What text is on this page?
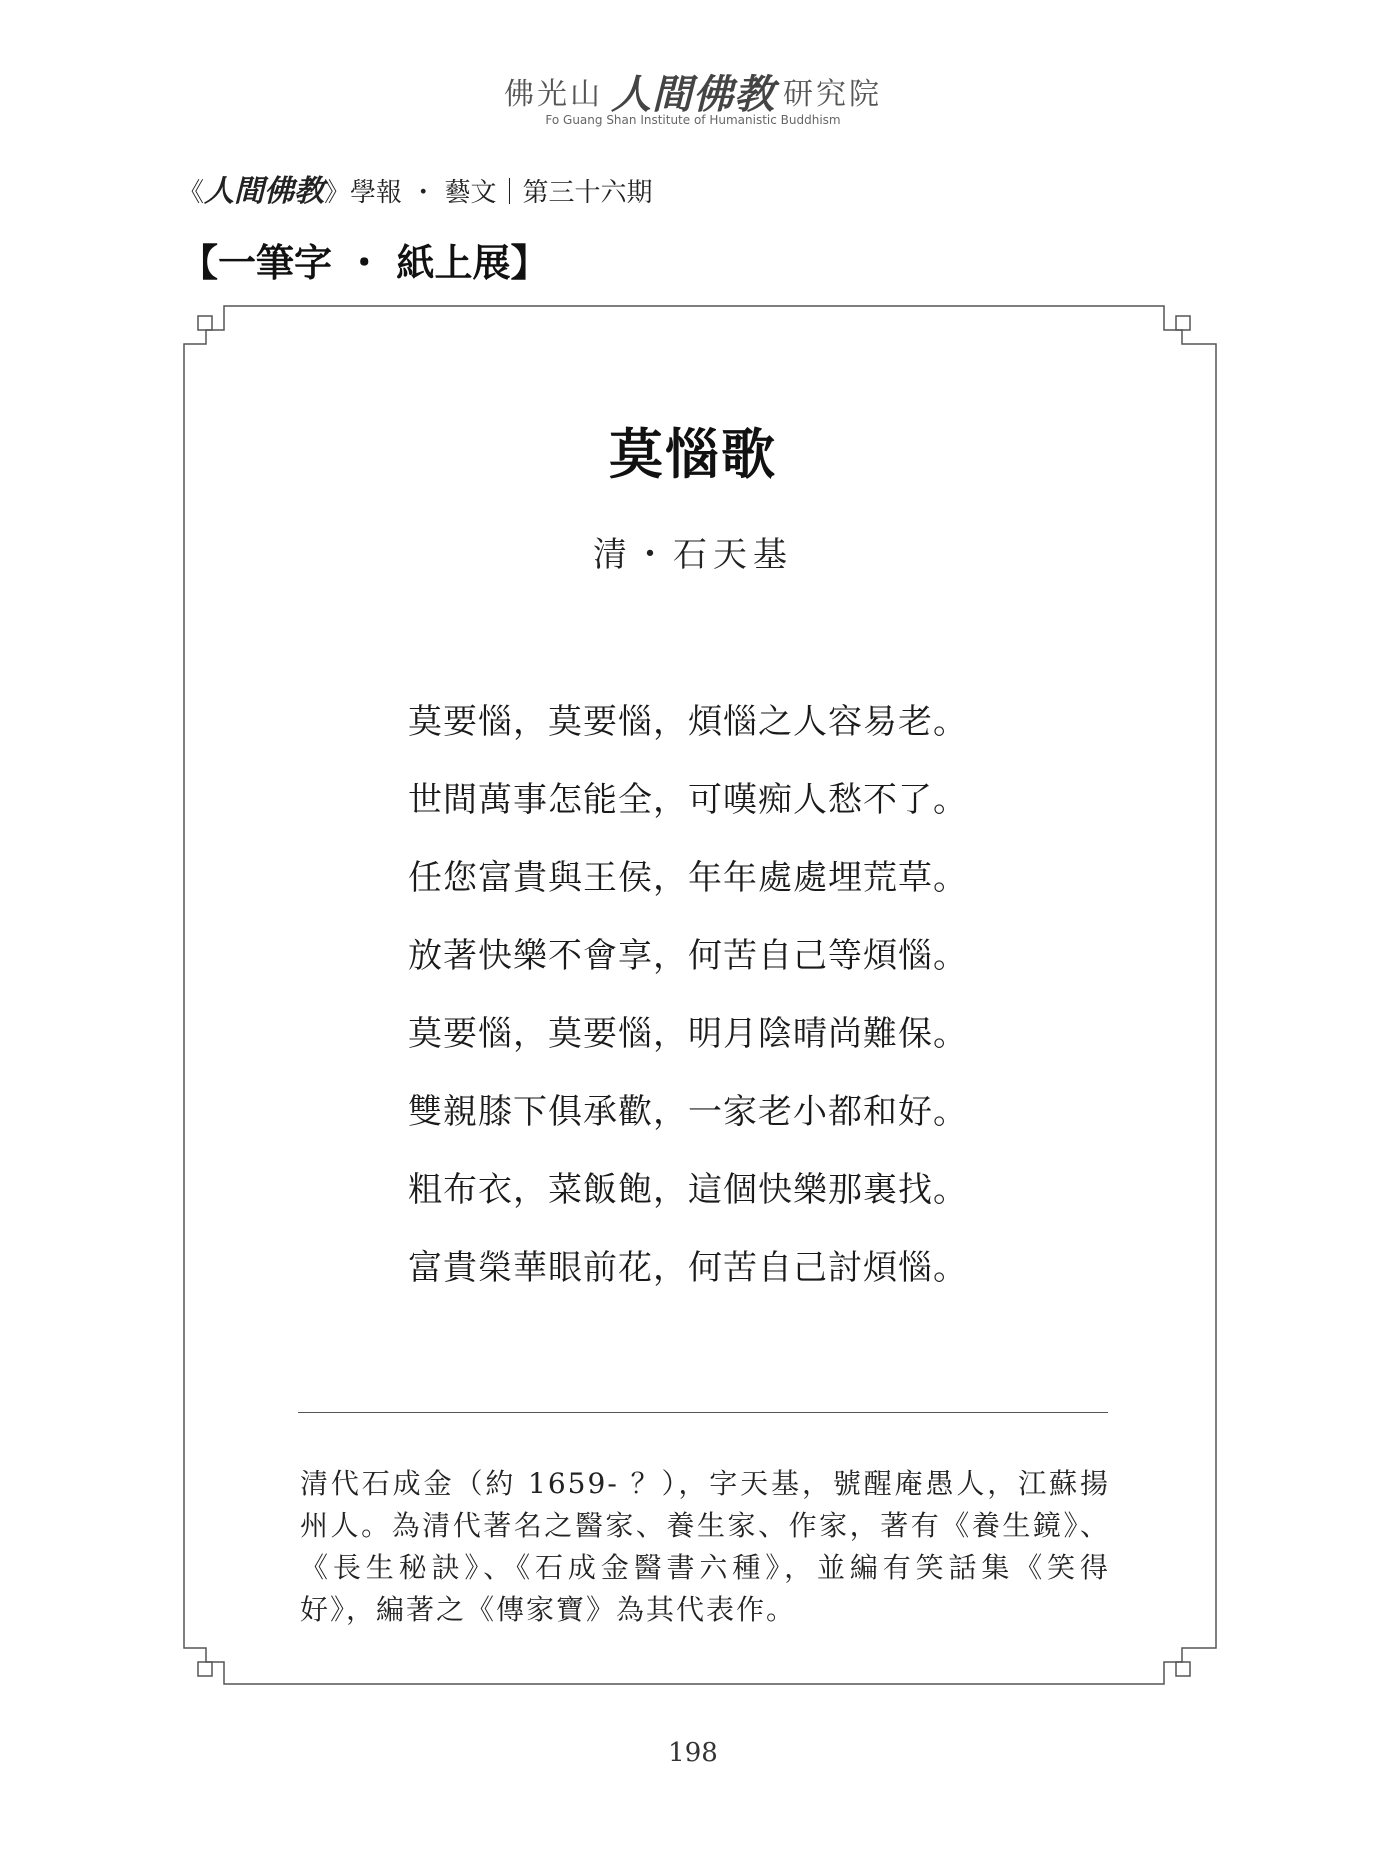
佛光山 人間佛教 研究院
Fo Guang Shan Institute of Humanistic Buddhism
《人間佛教》學報 ・ 藝文｜第三十六期
【一筆字 ・ 紙上展】
莫惱歌
清・石天基
莫要惱，莫要惱，煩惱之人容易老。
世間萬事怎能全，可嘆痴人愁不了。
任您富貴與王侯，年年處處埋荒草。
放著快樂不會享，何苦自己等煩惱。
莫要惱，莫要惱，明月陰晴尚難保。
雙親膝下俱承歡，一家老小都和好。
粗布衣，菜飯飽，這個快樂那裏找。
富貴榮華眼前花，何苦自己討煩惱。
清代石成金（約 1659- ？），字天基，號醒庵愚人，江蘇揚州人。為清代著名之醫家、養生家、作家，著有《養生鏡》、《長生秘訣》、《石成金醫書六種》，並編有笑話集《笑得好》，編著之《傳家寶》為其代表作。
198
